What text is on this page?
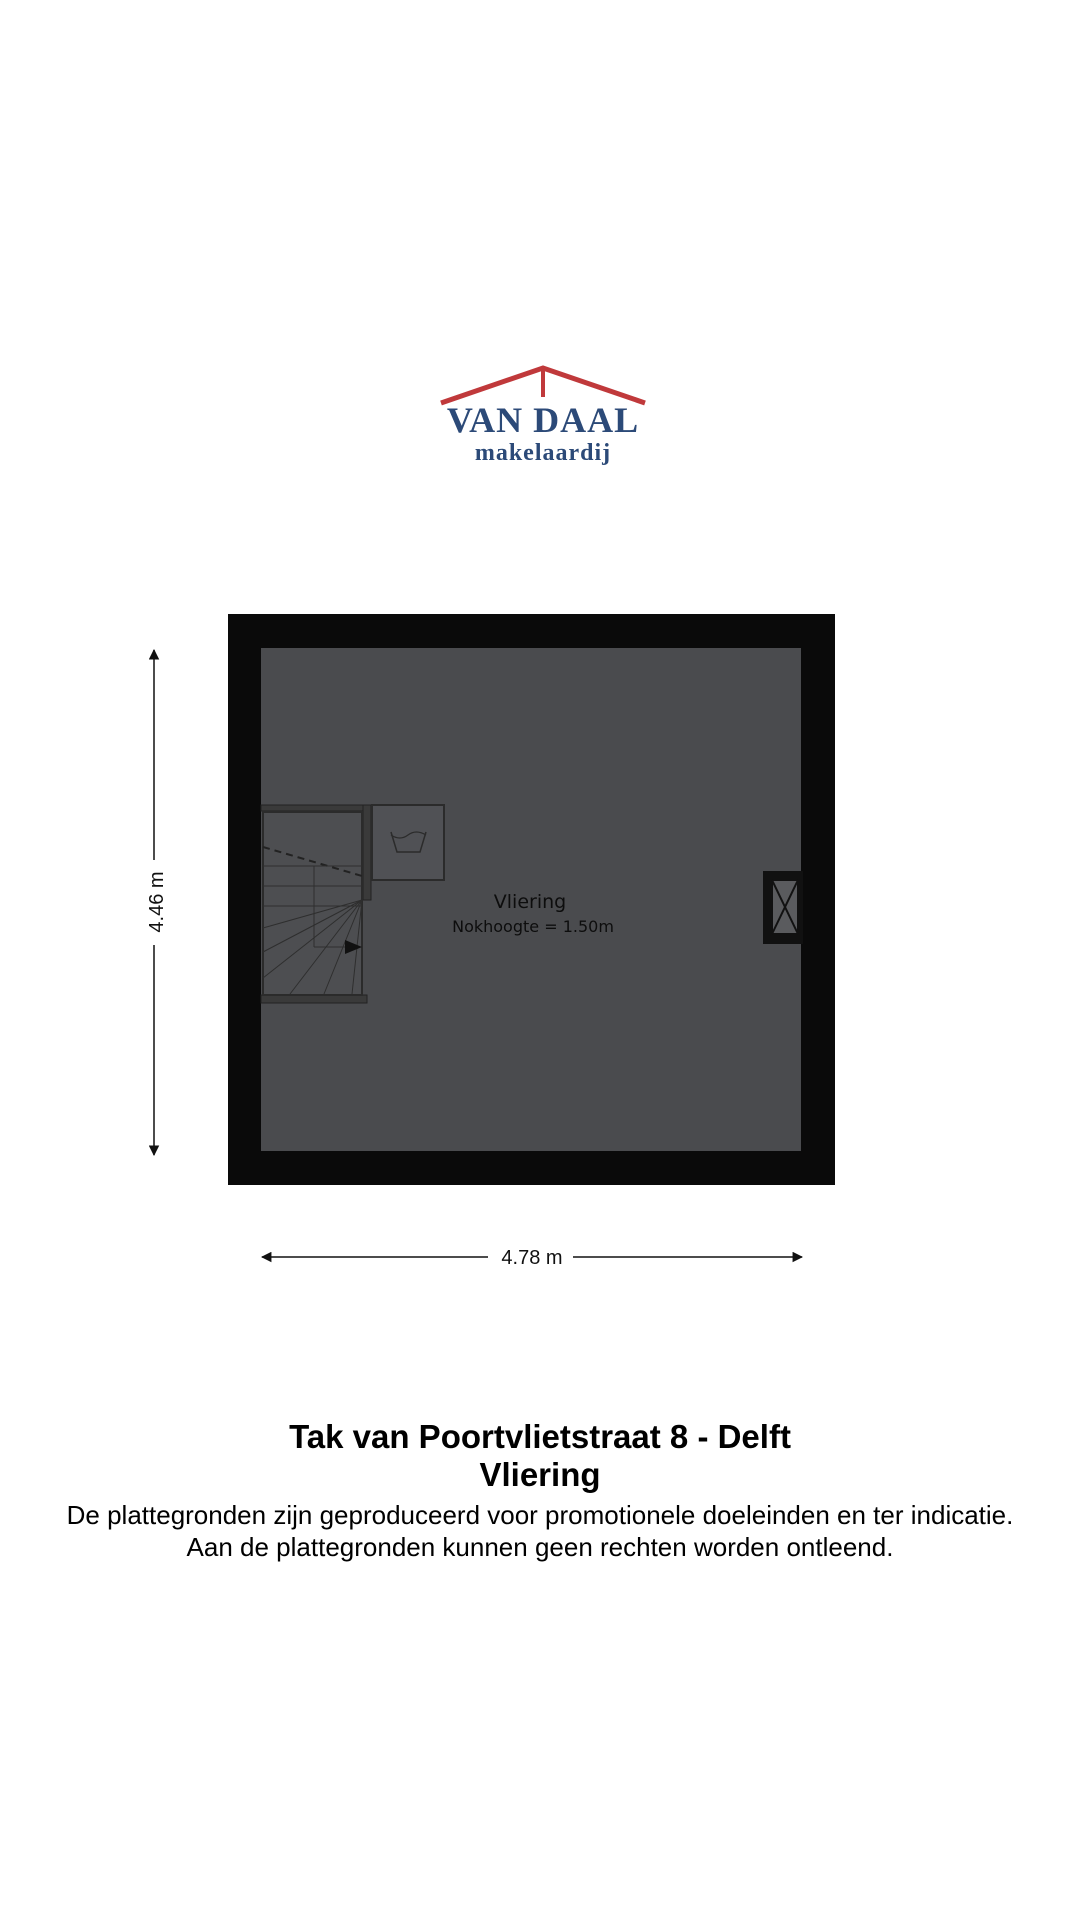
VAN DAAL
makelaardij
Vliering
Nokhoogte = 1.50m
4.46 m
4.78 m
Tak van Poortvlietstraat 8 - Delft
Vliering
De plattegronden zijn geproduceerd voor promotionele doeleinden en ter indicatie.
Aan de plattegronden kunnen geen rechten worden ontleend.
